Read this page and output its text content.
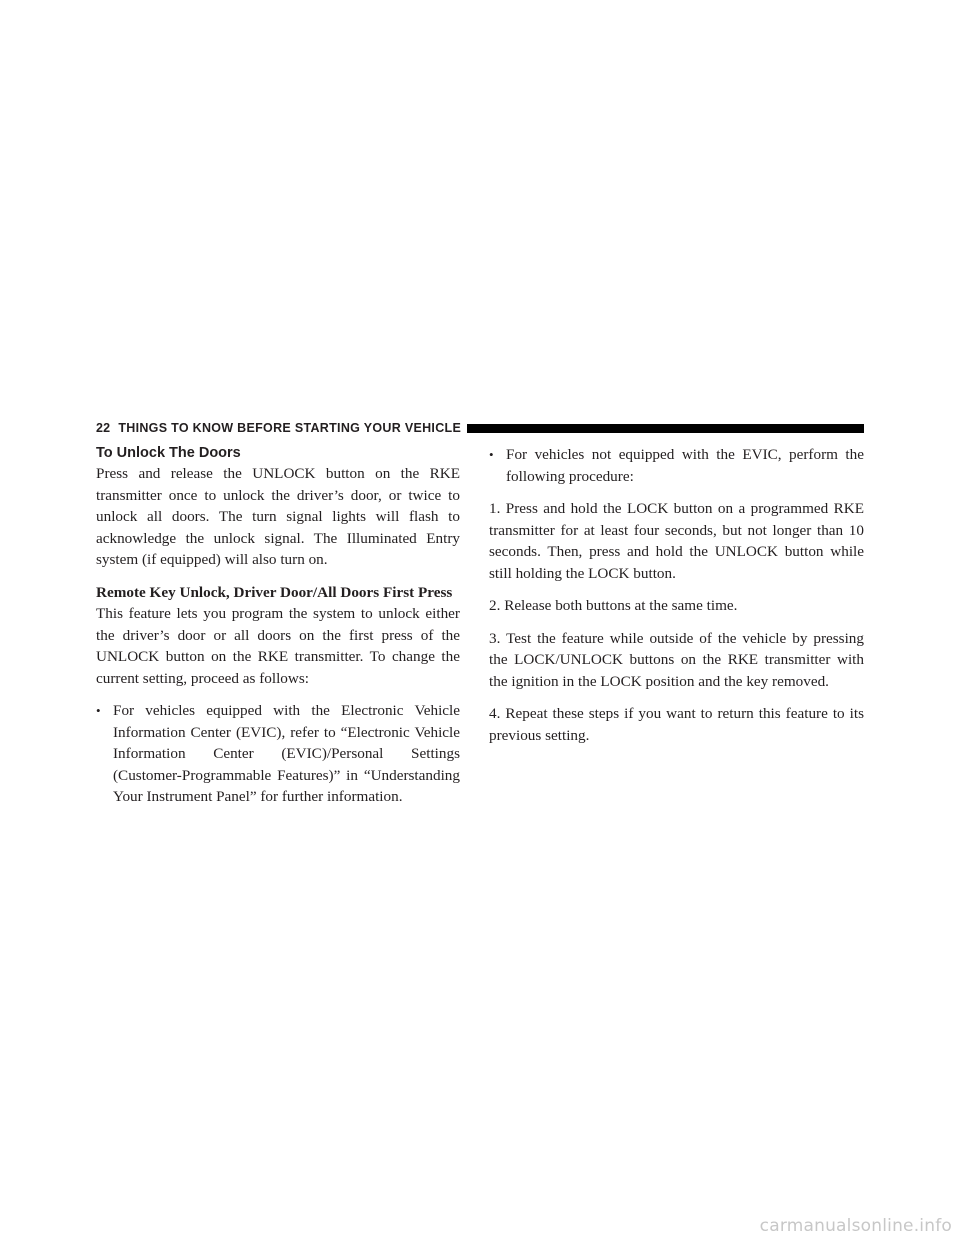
22 THINGS TO KNOW BEFORE STARTING YOUR VEHICLE
To Unlock The Doors

Press and release the UNLOCK button on the RKE transmitter once to unlock the driver’s door, or twice to unlock all doors. The turn signal lights will flash to acknowledge the unlock signal. The Illuminated Entry system (if equipped) will also turn on.

Remote Key Unlock, Driver Door/All Doors First Press

This feature lets you program the system to unlock either the driver’s door or all doors on the first press of the UNLOCK button on the RKE transmitter. To change the current setting, proceed as follows:

• For vehicles equipped with the Electronic Vehicle Information Center (EVIC), refer to “Electronic Vehicle Information Center (EVIC)/Personal Settings (Customer-Programmable Features)” in “Understanding Your Instrument Panel” for further information.
• For vehicles not equipped with the EVIC, perform the following procedure:

1. Press and hold the LOCK button on a programmed RKE transmitter for at least four seconds, but not longer than 10 seconds. Then, press and hold the UNLOCK button while still holding the LOCK button.

2. Release both buttons at the same time.

3. Test the feature while outside of the vehicle by pressing the LOCK/UNLOCK buttons on the RKE transmitter with the ignition in the LOCK position and the key removed.

4. Repeat these steps if you want to return this feature to its previous setting.

carmanualsonline.info
